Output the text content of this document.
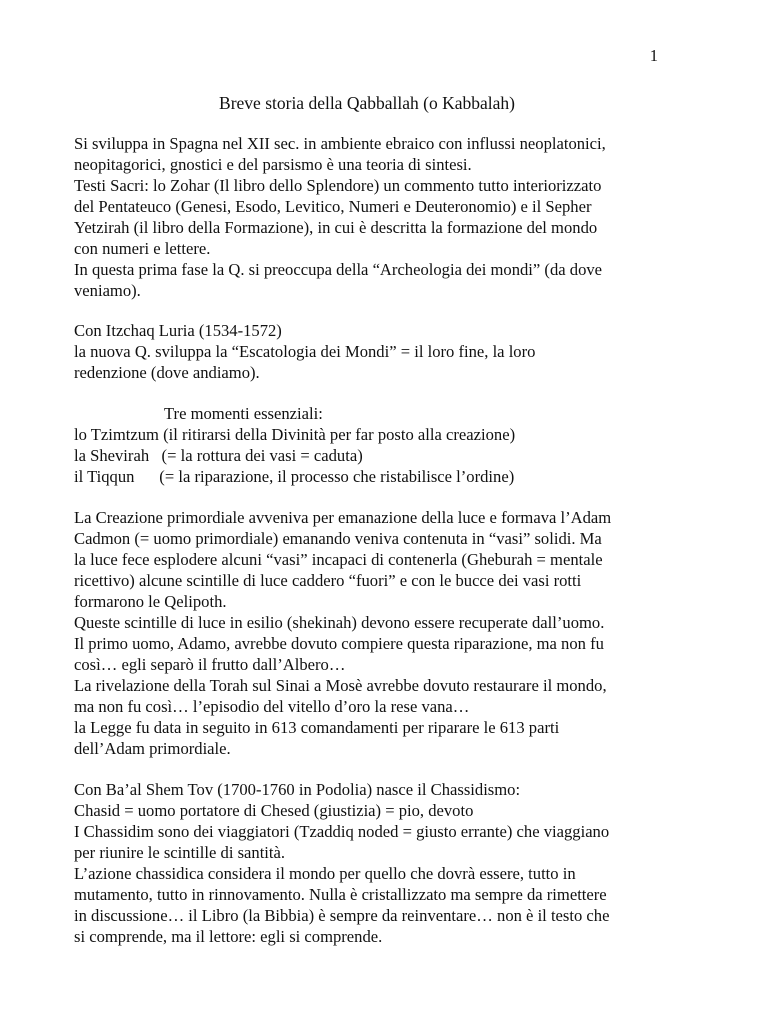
1
Breve storia della Qabballah (o Kabbalah)
Si sviluppa in Spagna nel XII sec. in ambiente ebraico con influssi neoplatonici,
neopitagorici, gnostici e del parsismo è una teoria di sintesi.
Testi Sacri: lo Zohar (Il libro dello Splendore) un commento tutto interiorizzato
del Pentateuco (Genesi, Esodo, Levitico, Numeri e Deuteronomio) e il Sepher
Yetzirah (il libro della Formazione), in cui è descritta la formazione del mondo
con numeri e lettere.
In questa prima fase la Q. si preoccupa della “Archeologia dei mondi” (da dove
veniamo).
Con Itzchaq Luria (1534-1572)
la nuova Q. sviluppa la “Escatologia dei Mondi” = il loro fine, la loro
redenzione (dove andiamo).
Tre momenti essenziali:
lo Tzimtzum (il ritirarsi della Divinità per far posto alla creazione)
la Shevirah   (= la rottura dei vasi = caduta)
il Tiqqun      (= la riparazione, il processo che ristabilisce l’ordine)
La Creazione primordiale avveniva per emanazione della luce e formava l’Adam
Cadmon (= uomo primordiale) emanando veniva contenuta in “vasi” solidi. Ma
la luce fece esplodere alcuni “vasi” incapaci di contenerla (Gheburah = mentale
ricettivo) alcune scintille di luce caddero “fuori” e con le bucce dei vasi rotti
formarono le Qelipoth.
Queste scintille di luce in esilio (shekinah) devono essere recuperate dall’uomo.
Il primo uomo, Adamo, avrebbe dovuto compiere questa riparazione, ma non fu
così… egli separò il frutto dall’Albero…
La rivelazione della Torah sul Sinai a Mosè avrebbe dovuto restaurare il mondo,
ma non fu così… l’episodio del vitello d’oro la rese vana…
la Legge fu data in seguito in 613 comandamenti per riparare le 613 parti
dell’Adam primordiale.
Con Ba’al Shem Tov (1700-1760 in Podolia) nasce il Chassidismo:
Chasid = uomo portatore di Chesed (giustizia) = pio, devoto
I Chassidim sono dei viaggiatori (Tzaddiq noded = giusto errante) che viaggiano
per riunire le scintille di santità.
L’azione chassidica considera il mondo per quello che dovrà essere, tutto in
mutamento, tutto in rinnovamento. Nulla è cristallizzato ma sempre da rimettere
in discussione… il Libro (la Bibbia) è sempre da reinventare… non è il testo che
si comprende, ma il lettore: egli si comprende.
